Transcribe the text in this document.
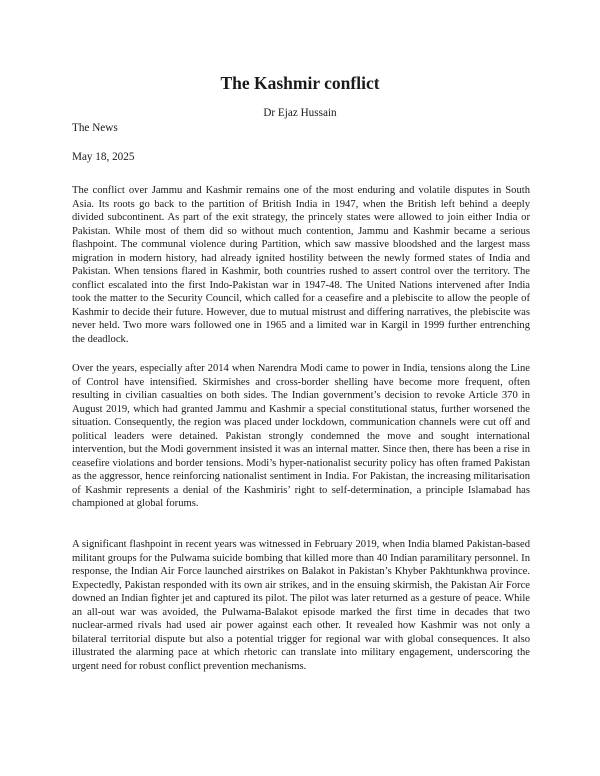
The Kashmir conflict

Dr Ejaz Hussain

The News

May 18, 2025

The conflict over Jammu and Kashmir remains one of the most enduring and volatile disputes in South Asia. Its roots go back to the partition of British India in 1947, when the British left behind a deeply divided subcontinent. As part of the exit strategy, the princely states were allowed to join either India or Pakistan. While most of them did so without much contention, Jammu and Kashmir became a serious flashpoint. The communal violence during Partition, which saw massive bloodshed and the largest mass migration in modern history, had already ignited hostility between the newly formed states of India and Pakistan. When tensions flared in Kashmir, both countries rushed to assert control over the territory. The conflict escalated into the first Indo-Pakistan war in 1947-48. The United Nations intervened after India took the matter to the Security Council, which called for a ceasefire and a plebiscite to allow the people of Kashmir to decide their future. However, due to mutual mistrust and differing narratives, the plebiscite was never held. Two more wars followed one in 1965 and a limited war in Kargil in 1999 further entrenching the deadlock.

Over the years, especially after 2014 when Narendra Modi came to power in India, tensions along the Line of Control have intensified. Skirmishes and cross-border shelling have become more frequent, often resulting in civilian casualties on both sides. The Indian government’s decision to revoke Article 370 in August 2019, which had granted Jammu and Kashmir a special constitutional status, further worsened the situation. Consequently, the region was placed under lockdown, communication channels were cut off and political leaders were detained. Pakistan strongly condemned the move and sought international intervention, but the Modi government insisted it was an internal matter. Since then, there has been a rise in ceasefire violations and border tensions. Modi’s hyper-nationalist security policy has often framed Pakistan as the aggressor, hence reinforcing nationalist sentiment in India. For Pakistan, the increasing militarisation of Kashmir represents a denial of the Kashmiris’ right to self-determination, a principle Islamabad has championed at global forums.

A significant flashpoint in recent years was witnessed in February 2019, when India blamed Pakistan-based militant groups for the Pulwama suicide bombing that killed more than 40 Indian paramilitary personnel. In response, the Indian Air Force launched airstrikes on Balakot in Pakistan’s Khyber Pakhtunkhwa province. Expectedly, Pakistan responded with its own air strikes, and in the ensuing skirmish, the Pakistan Air Force downed an Indian fighter jet and captured its pilot. The pilot was later returned as a gesture of peace. While an all-out war was avoided, the Pulwama-Balakot episode marked the first time in decades that two nuclear-armed rivals had used air power against each other. It revealed how Kashmir was not only a bilateral territorial dispute but also a potential trigger for regional war with global consequences. It also illustrated the alarming pace at which rhetoric can translate into military engagement, underscoring the urgent need for robust conflict prevention mechanisms.
